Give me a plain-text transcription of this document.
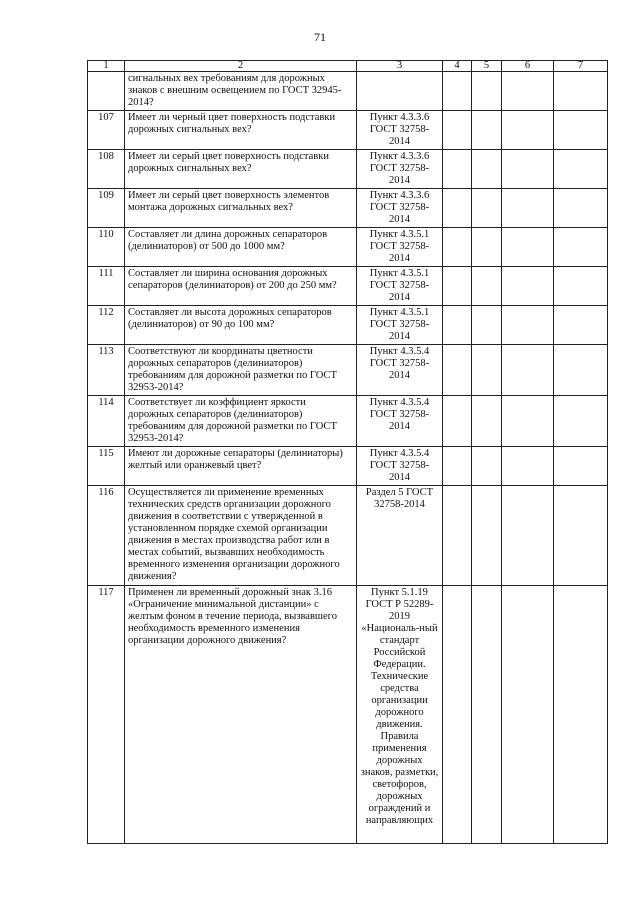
71
1	2	3	4	5	6	7
	сигнальных вех требованиям для дорожных знаков с внешним освещением по ГОСТ 32945-2014?					
107	Имеет ли черный цвет поверхность подставки дорожных сигнальных вех?	Пункт 4.3.3.6 ГОСТ 32758-2014				
108	Имеет ли серый цвет поверхность подставки дорожных сигнальных вех?	Пункт 4.3.3.6 ГОСТ 32758-2014				
109	Имеет ли серый цвет поверхность элементов монтажа дорожных сигнальных вех?	Пункт 4.3.3.6 ГОСТ 32758-2014				
110	Составляет ли длина дорожных сепараторов (делиниаторов) от 500 до 1000 мм?	Пункт 4.3.5.1 ГОСТ 32758-2014				
111	Составляет ли ширина основания дорожных сепараторов (делиниаторов) от 200 до 250 мм?	Пункт 4.3.5.1 ГОСТ 32758-2014				
112	Составляет ли высота дорожных сепараторов (делиниаторов) от 90 до 100 мм?	Пункт 4.3.5.1 ГОСТ 32758-2014				
113	Соответствуют ли координаты цветности дорожных сепараторов (делиниаторов) требованиям для дорожной разметки по ГОСТ 32953-2014?	Пункт 4.3.5.4 ГОСТ 32758-2014				
114	Соответствует ли коэффициент яркости дорожных сепараторов (делиниаторов) требованиям для дорожной разметки по ГОСТ 32953-2014?	Пункт 4.3.5.4 ГОСТ 32758-2014				
115	Имеют ли дорожные сепараторы (делиниаторы) желтый или оранжевый цвет?	Пункт 4.3.5.4 ГОСТ 32758-2014				
116	Осуществляется ли применение временных технических средств организации дорожного движения в соответствии с утвержденной в установленном порядке схемой организации движения в местах производства работ или в местах событий, вызвавших необходимость временного изменения организации дорожного движения?	Раздел 5 ГОСТ 32758-2014				
117	Применен ли временный дорожный знак 3.16 «Ограничение минимальной дистанции» с желтым фоном в течение периода, вызвавшего необходимость временного изменения организации дорожного движения?	Пункт 5.1.19 ГОСТ Р 52289-2019 «Националь-ный стандарт Российской Федерации. Технические средства организации дорожного движения. Правила применения дорожных знаков, разметки, светофоров, дорожных ограждений и направляющих				
